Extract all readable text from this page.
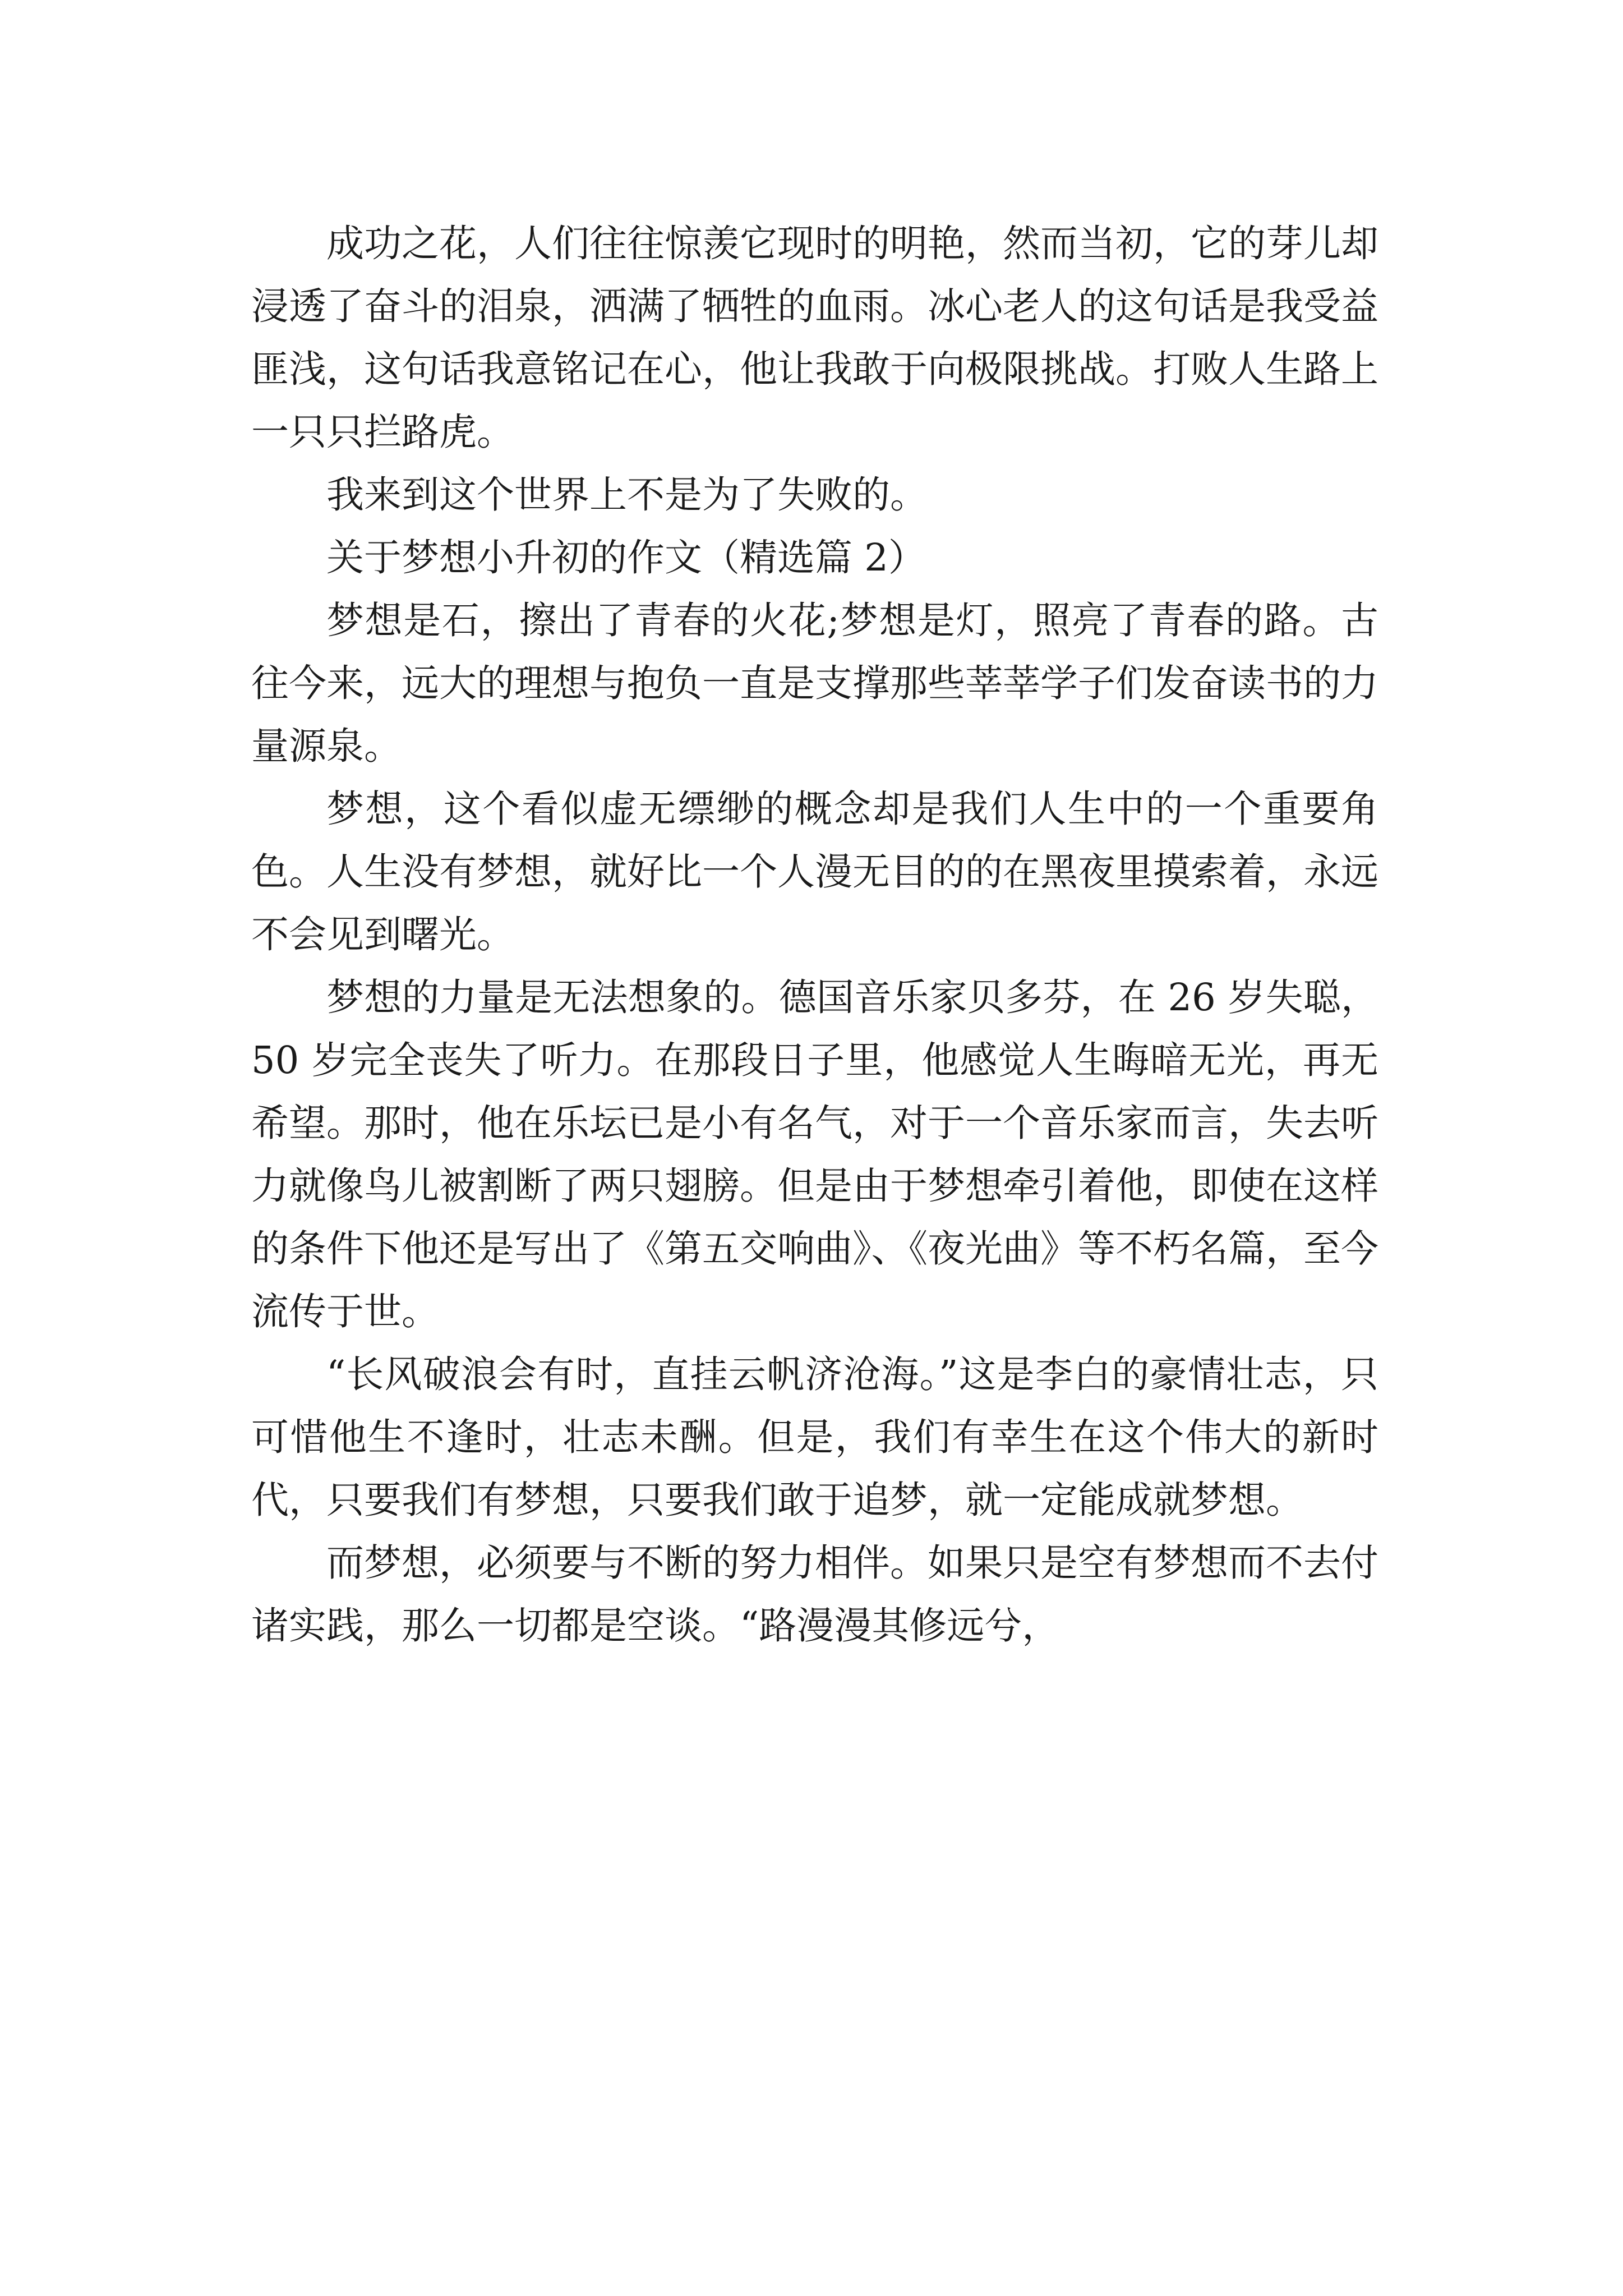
成功之花，人们往往惊羡它现时的明艳，然而当初，它的芽儿却浸透了奋斗的泪泉，洒满了牺牲的血雨。冰心老人的这句话是我受益匪浅，这句话我意铭记在心，他让我敢于向极限挑战。打败人生路上一只只拦路虎。

我来到这个世界上不是为了失败的。

关于梦想小升初的作文（精选篇 2）

梦想是石，擦出了青春的火花;梦想是灯，照亮了青春的路。古往今来，远大的理想与抱负一直是支撑那些莘莘学子们发奋读书的力量源泉。

梦想，这个看似虚无缥缈的概念却是我们人生中的一个重要角色。人生没有梦想，就好比一个人漫无目的的在黑夜里摸索着，永远不会见到曙光。

梦想的力量是无法想象的。德国音乐家贝多芬，在 26 岁失聪，50 岁完全丧失了听力。在那段日子里，他感觉人生晦暗无光，再无希望。那时，他在乐坛已是小有名气，对于一个音乐家而言，失去听力就像鸟儿被割断了两只翅膀。但是由于梦想牵引着他，即使在这样的条件下他还是写出了《第五交响曲》、《夜光曲》等不朽名篇，至今流传于世。

“长风破浪会有时，直挂云帆济沧海。”这是李白的豪情壮志，只可惜他生不逢时，壮志未酬。但是，我们有幸生在这个伟大的新时代，只要我们有梦想，只要我们敢于追梦，就一定能成就梦想。

而梦想，必须要与不断的努力相伴。如果只是空有梦想而不去付诸实践，那么一切都是空谈。“路漫漫其修远兮，
